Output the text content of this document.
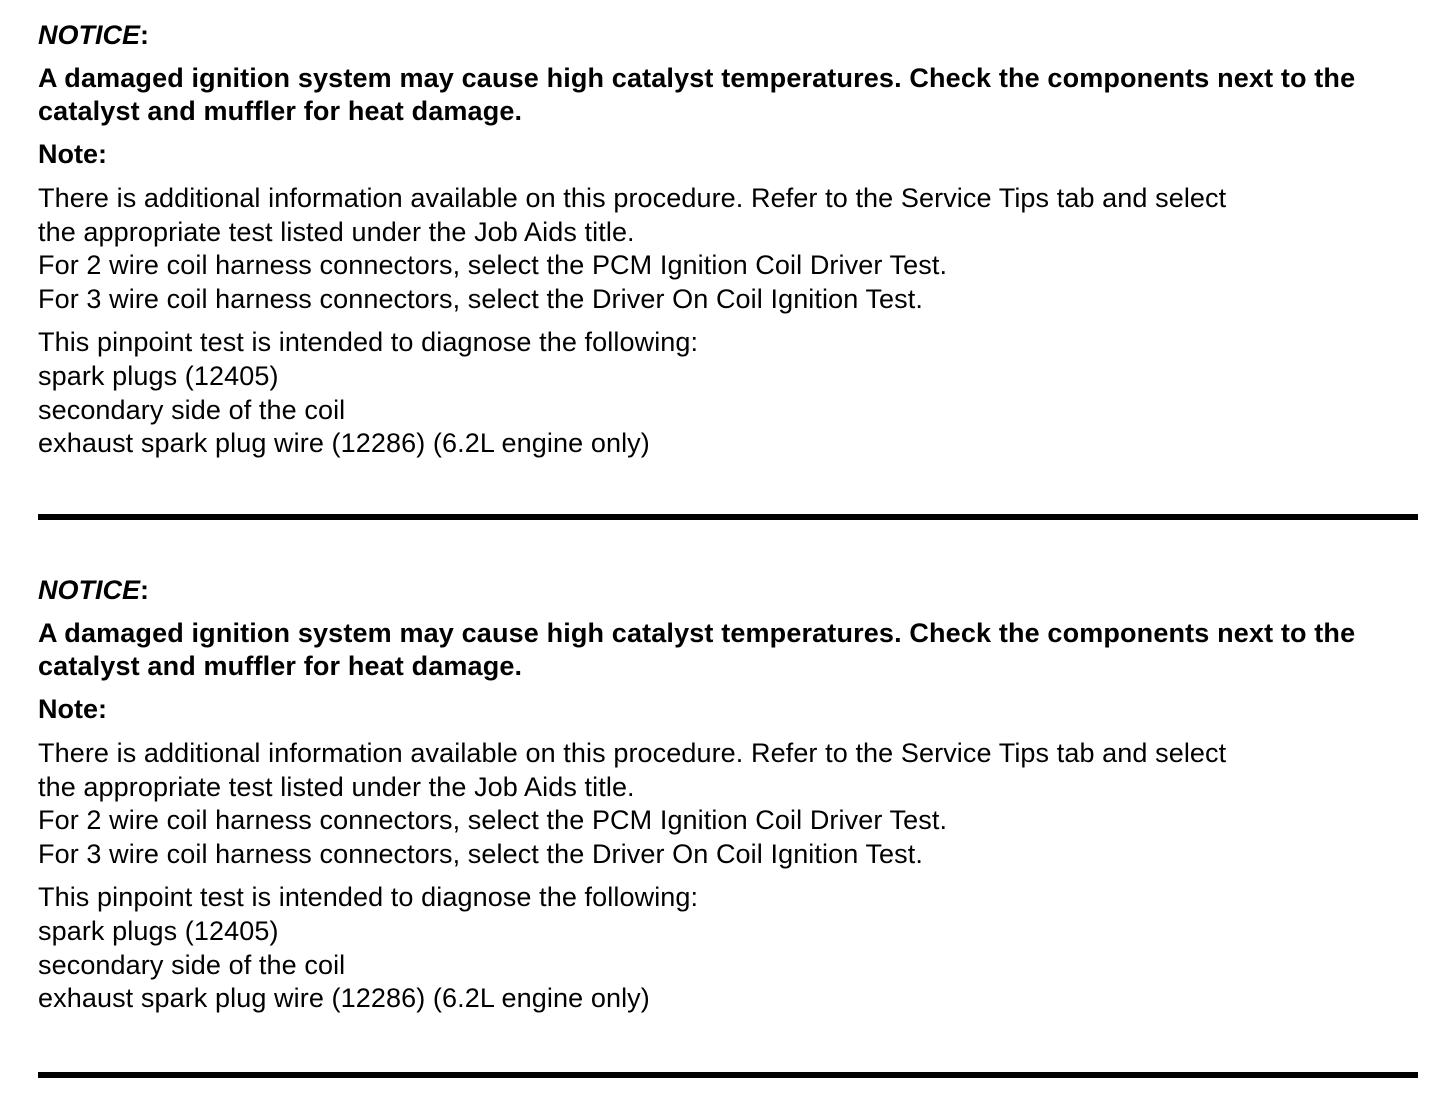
NOTICE:

A damaged ignition system may cause high catalyst temperatures. Check the components next to the catalyst and muffler for heat damage.

Note:

There is additional information available on this procedure. Refer to the Service Tips tab and select
the appropriate test listed under the Job Aids title.
For 2 wire coil harness connectors, select the PCM Ignition Coil Driver Test.
For 3 wire coil harness connectors, select the Driver On Coil Ignition Test.

This pinpoint test is intended to diagnose the following:
spark plugs (12405)
secondary side of the coil
exhaust spark plug wire (12286) (6.2L engine only)

NOTICE:

A damaged ignition system may cause high catalyst temperatures. Check the components next to the catalyst and muffler for heat damage.

Note:

There is additional information available on this procedure. Refer to the Service Tips tab and select
the appropriate test listed under the Job Aids title.
For 2 wire coil harness connectors, select the PCM Ignition Coil Driver Test.
For 3 wire coil harness connectors, select the Driver On Coil Ignition Test.

This pinpoint test is intended to diagnose the following:
spark plugs (12405)
secondary side of the coil
exhaust spark plug wire (12286) (6.2L engine only)
